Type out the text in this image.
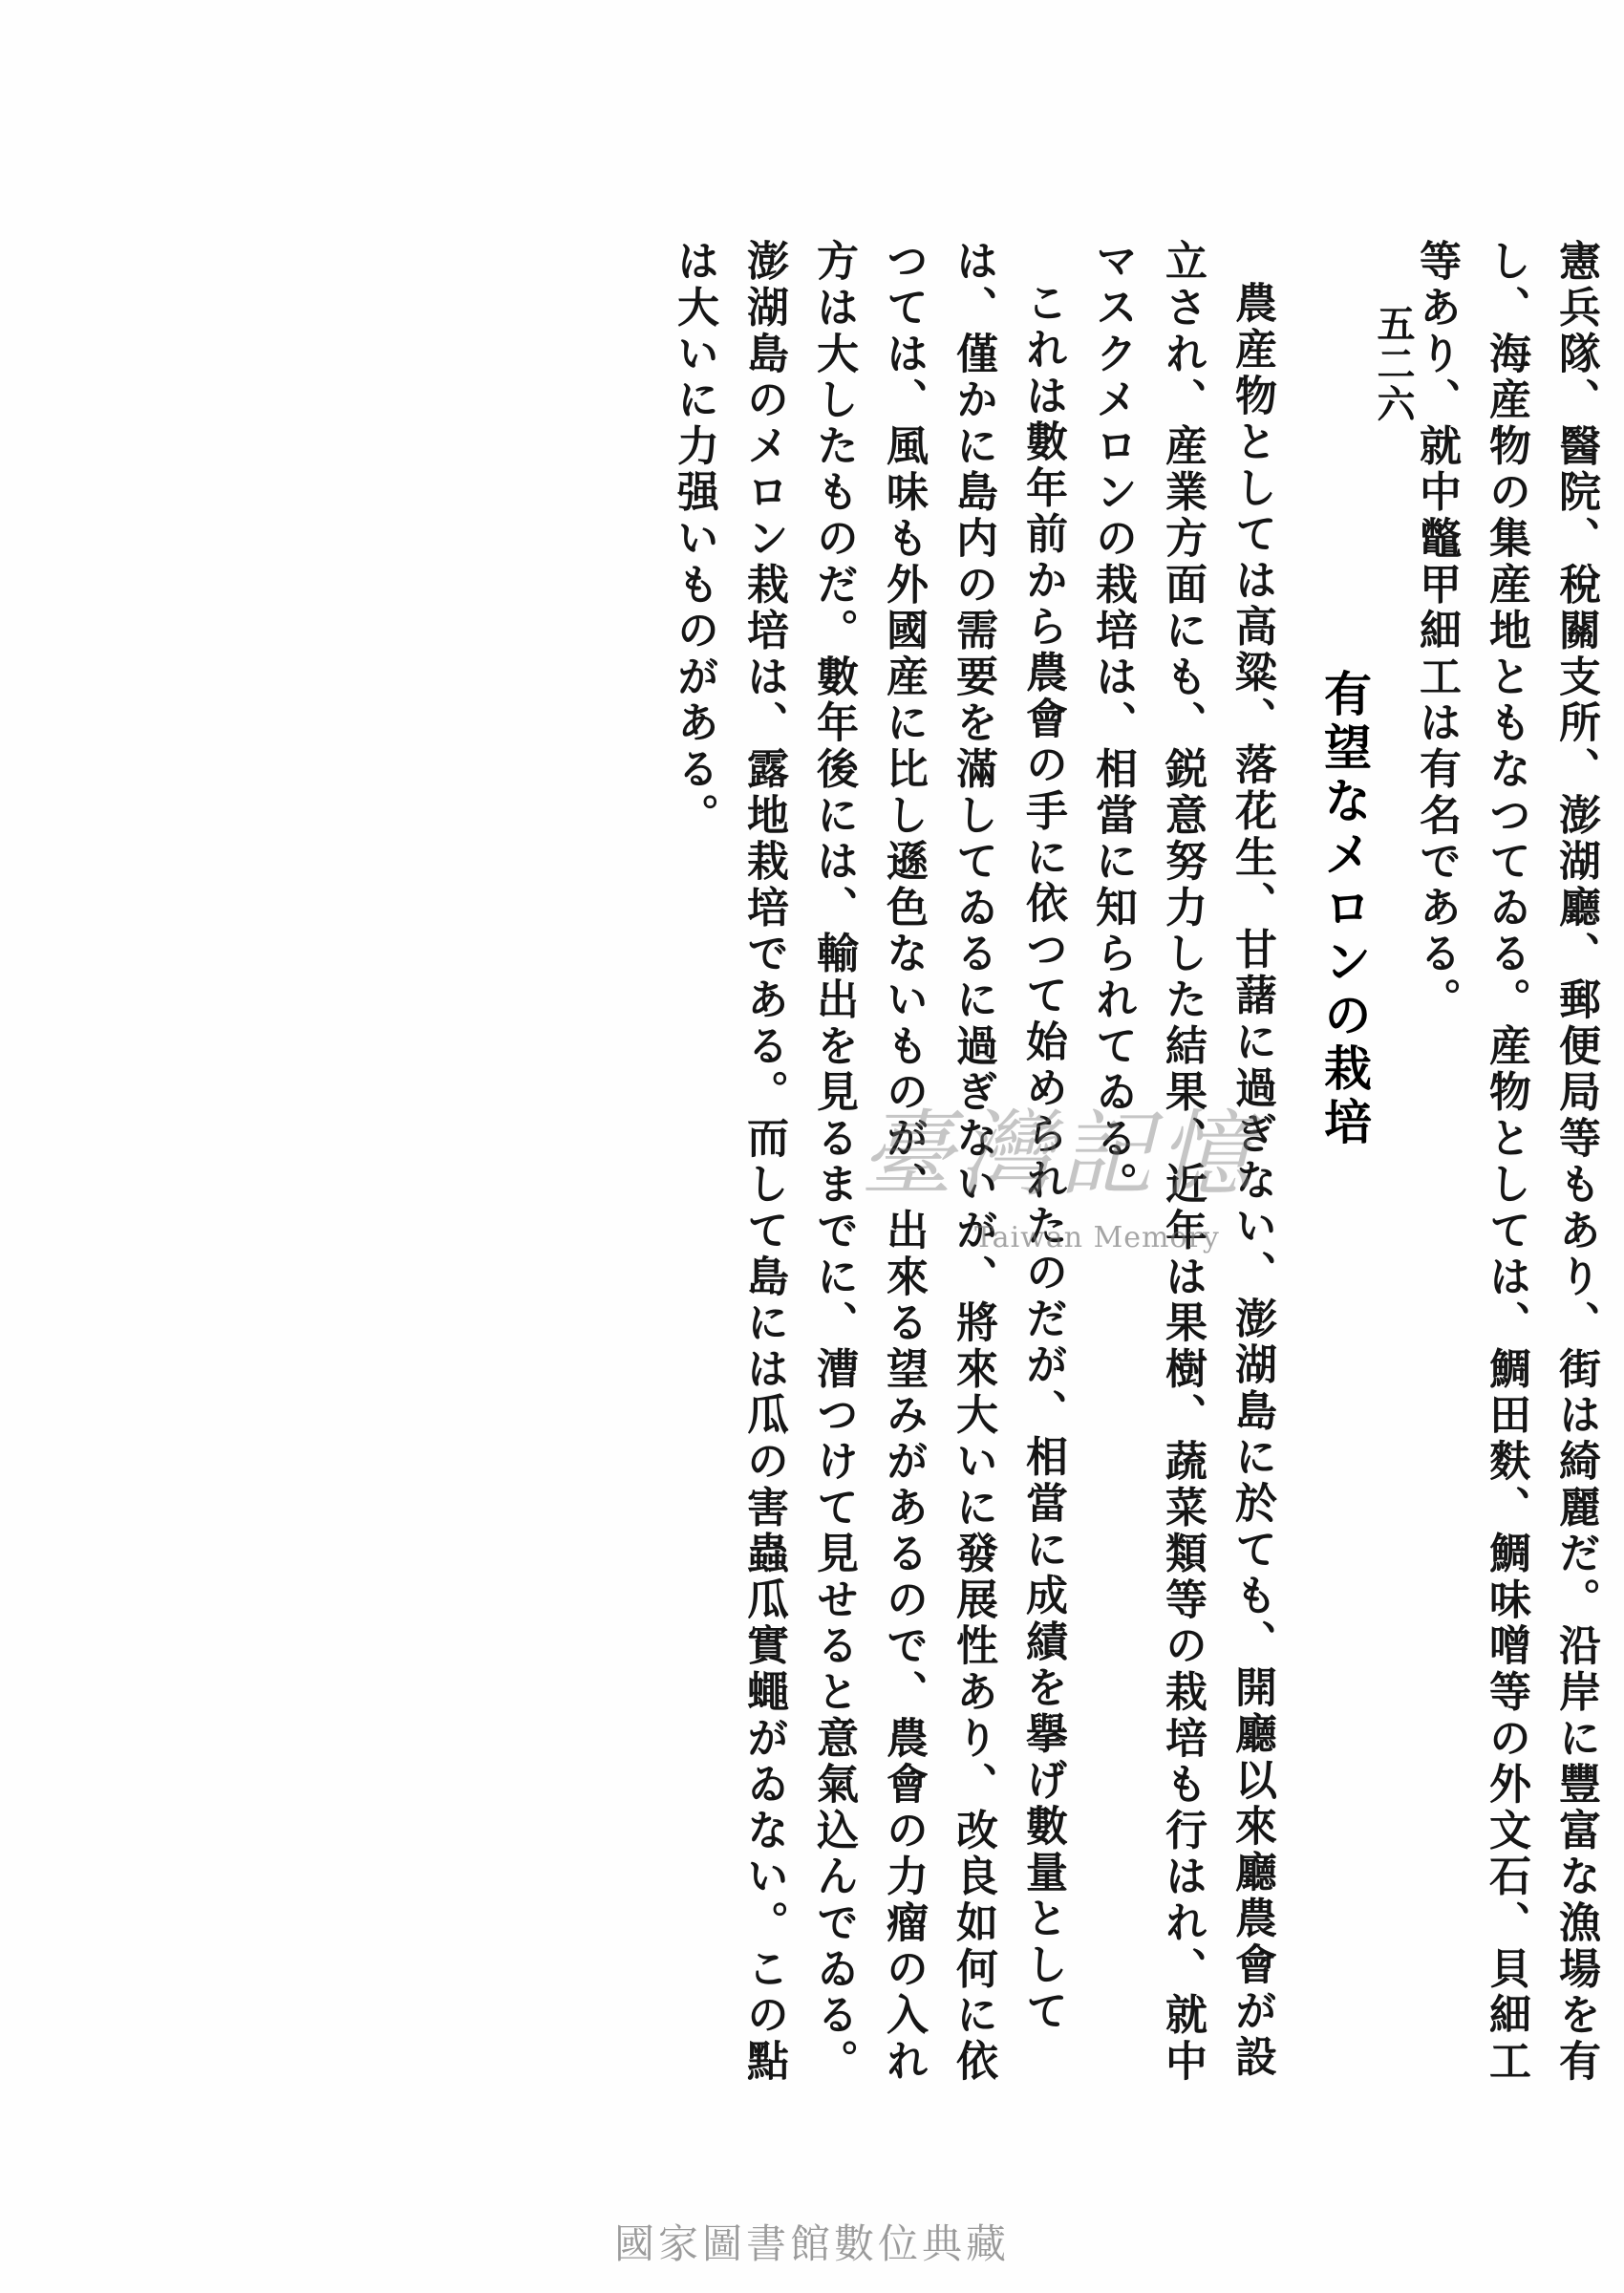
五二六	憲兵隊、醫院、稅關支所、澎湖廳、郵便局等もあり、街は綺麗だ。沿岸に豐富な漁場を有し、海産物の集産地ともなつてゐる。産物としては、鯛田麩、鯛味噌等の外文石、貝細工等あり、就中鼈甲細工は有名である。

有望なメロンの栽培

農産物としては高粱、落花生、甘藷に過ぎない、澎湖島に於ても、開廳以來廳農會が設立され、産業方面にも、鋭意努力した結果、近年は果樹、蔬菜類等の栽培も行はれ、就中マスクメロンの栽培は、相當に知られてゐる。

これは數年前から農會の手に依つて始められたのだが、相當に成績を擧げ數量としては、僅かに島内の需要を滿してゐるに過ぎないが、將來大いに發展性あり、改良如何に依つては、風味も外國産に比し遜色ないものが、出來る望みがあるので、農會の力瘤の入れ方は大したものだ。數年後には、輸出を見るまでに、漕つけて見せると意氣込んでゐる。

澎湖島のメロン栽培は、露地栽培である。而して島には瓜の害蟲瓜實蠅がゐない。この點は大いに力强いものがある。

臺灣記憶
Taiwan Memory
國家圖書館數位典藏
